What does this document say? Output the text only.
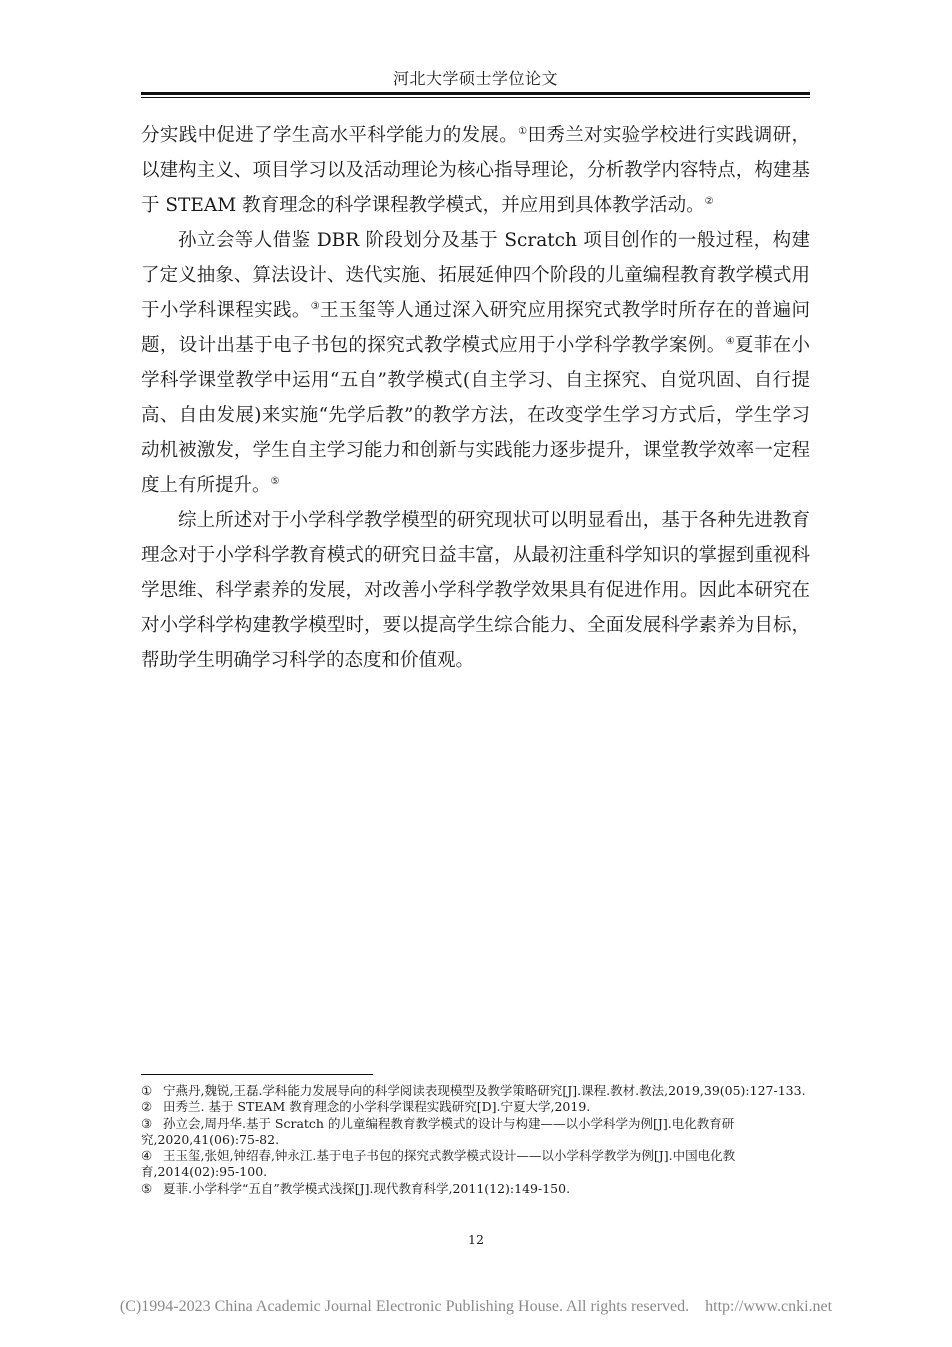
河北大学硕士学位论文

分实践中促进了学生高水平科学能力的发展。①田秀兰对实验学校进行实践调研，以建构主义、项目学习以及活动理论为核心指导理论，分析教学内容特点，构建基于 STEAM 教育理念的科学课程教学模式，并应用到具体教学活动。②

孙立会等人借鉴 DBR 阶段划分及基于 Scratch 项目创作的一般过程，构建了定义抽象、算法设计、迭代实施、拓展延伸四个阶段的儿童编程教育教学模式用于小学科课程实践。③王玉玺等人通过深入研究应用探究式教学时所存在的普遍问题，设计出基于电子书包的探究式教学模式应用于小学科学教学案例。④夏菲在小学科学课堂教学中运用“五自”教学模式(自主学习、自主探究、自觉巩固、自行提高、自由发展)来实施“先学后教”的教学方法，在改变学生学习方式后，学生学习动机被激发，学生自主学习能力和创新与实践能力逐步提升，课堂教学效率一定程度上有所提升。⑤

综上所述对于小学科学教学模型的研究现状可以明显看出，基于各种先进教育理念对于小学科学教育模式的研究日益丰富，从最初注重科学知识的掌握到重视科学思维、科学素养的发展，对改善小学科学教学效果具有促进作用。因此本研究在对小学科学构建教学模型时，要以提高学生综合能力、全面发展科学素养为目标，帮助学生明确学习科学的态度和价值观。

① 宁燕丹,魏锐,王磊.学科能力发展导向的科学阅读表现模型及教学策略研究[J].课程.教材.教法,2019,39(05):127-133.

② 田秀兰. 基于 STEAM 教育理念的小学科学课程实践研究[D].宁夏大学,2019.

③ 孙立会,周丹华.基于 Scratch 的儿童编程教育教学模式的设计与构建——以小学科学为例[J].电化教育研究,2020,41(06):75-82.

④ 王玉玺,张妲,钟绍春,钟永江.基于电子书包的探究式教学模式设计——以小学科学教学为例[J].中国电化教育,2014(02):95-100.

⑤ 夏菲.小学科学“五自”教学模式浅探[J].现代教育科学,2011(12):149-150.

12
(C)1994-2023 China Academic Journal Electronic Publishing House. All rights reserved.    http://www.cnki.net
